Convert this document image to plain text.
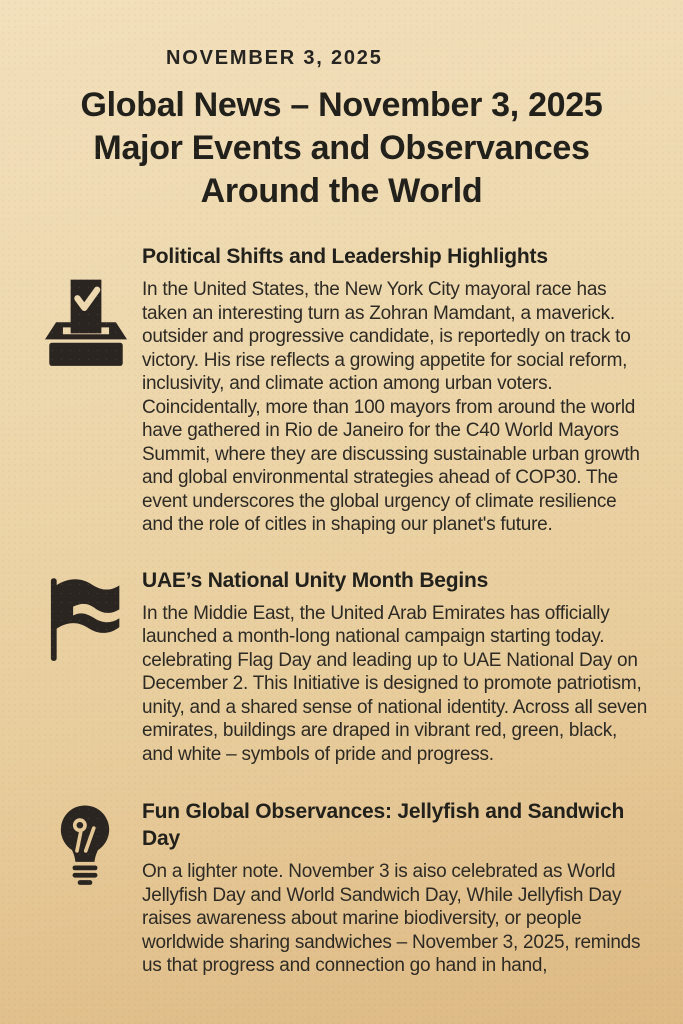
NOVEMBER 3, 2025
Global News – November 3, 2025
Major Events and Observances
Around the World
Political Shifts and Leadership Highlights

In the United States, the New York City mayoral race has taken an interesting turn as Zohran Mamdant, a maverick. outsider and progressive candidate, is reportedly on track to victory. His rise reflects a growing appetite for social reform, inclusivity, and climate action among urban voters. Coincidentally, more than 100 mayors from around the world have gathered in Rio de Janeiro for the C40 World Mayors Summit, where they are discussing sustainable urban growth and global environmental strategies ahead of COP30. The event underscores the global urgency of climate resilience and the role of citles in shaping our planet's future.

UAE’s National Unity Month Begins

In the Middie East, the United Arab Emirates has officially launched a month-long national campaign starting today. celebrating Flag Day and leading up to UAE National Day on December 2. This Initiative is designed to promote patriotism, unity, and a shared sense of national identity. Across all seven emirates, buildings are draped in vibrant red, green, black, and white – symbols of pride and progress.

Fun Global Observances: Jellyfish and Sandwich Day

On a lighter note. November 3 is aiso celebrated as World Jellyfish Day and World Sandwich Day, While Jellyfish Day raises awareness about marine biodiversity, or people worldwide sharing sandwiches – November 3, 2025, reminds us that progress and connection go hand in hand,
